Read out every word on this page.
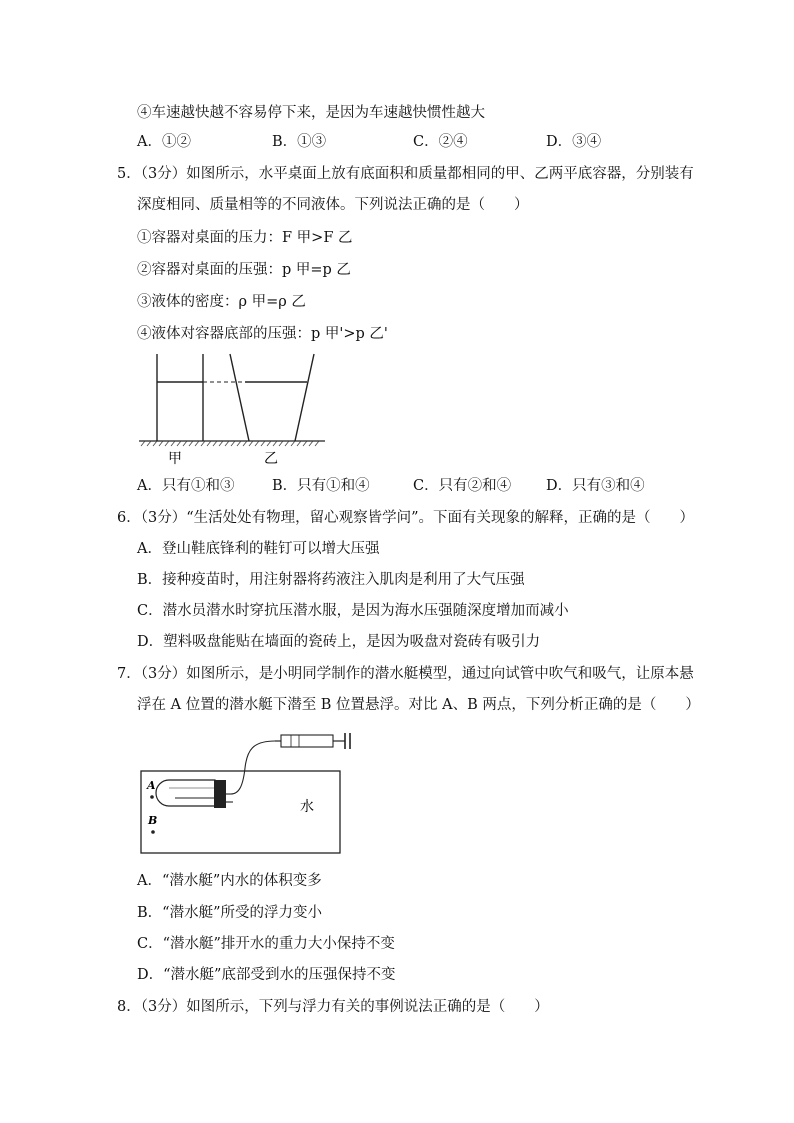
④车速越快越不容易停下来，是因为车速越快惯性越大
A．①②	B．①③	C．②④	D．③④
5．（3分）如图所示，水平桌面上放有底面积和质量都相同的甲、乙两平底容器，分别装有
深度相同、质量相等的不同液体。下列说法正确的是（　　）
①容器对桌面的压力：F 甲>F 乙
②容器对桌面的压强：p 甲=p 乙
③液体的密度：ρ 甲=ρ 乙
④液体对容器底部的压强：p 甲'>p 乙'
甲	乙
A．只有①和③	B．只有①和④	C．只有②和④ D．只有③和④
6．（3分）“生活处处有物理，留心观察皆学问”。下面有关现象的解释，正确的是（　　）
A．登山鞋底锋利的鞋钉可以增大压强
B．接种疫苗时，用注射器将药液注入肌肉是利用了大气压强
C．潜水员潜水时穿抗压潜水服，是因为海水压强随深度增加而减小
D．塑料吸盘能贴在墙面的瓷砖上，是因为吸盘对瓷砖有吸引力
7．（3分）如图所示，是小明同学制作的潜水艇模型，通过向试管中吹气和吸气，让原本悬
浮在 A 位置的潜水艇下潜至 B 位置悬浮。对比 A、B 两点，下列分析正确的是（　　）
A
B
水
A．“潜水艇”内水的体积变多
B．“潜水艇”所受的浮力变小
C．“潜水艇”排开水的重力大小保持不变
D．“潜水艇”底部受到水的压强保持不变
8．（3分）如图所示，下列与浮力有关的事例说法正确的是（　　）
